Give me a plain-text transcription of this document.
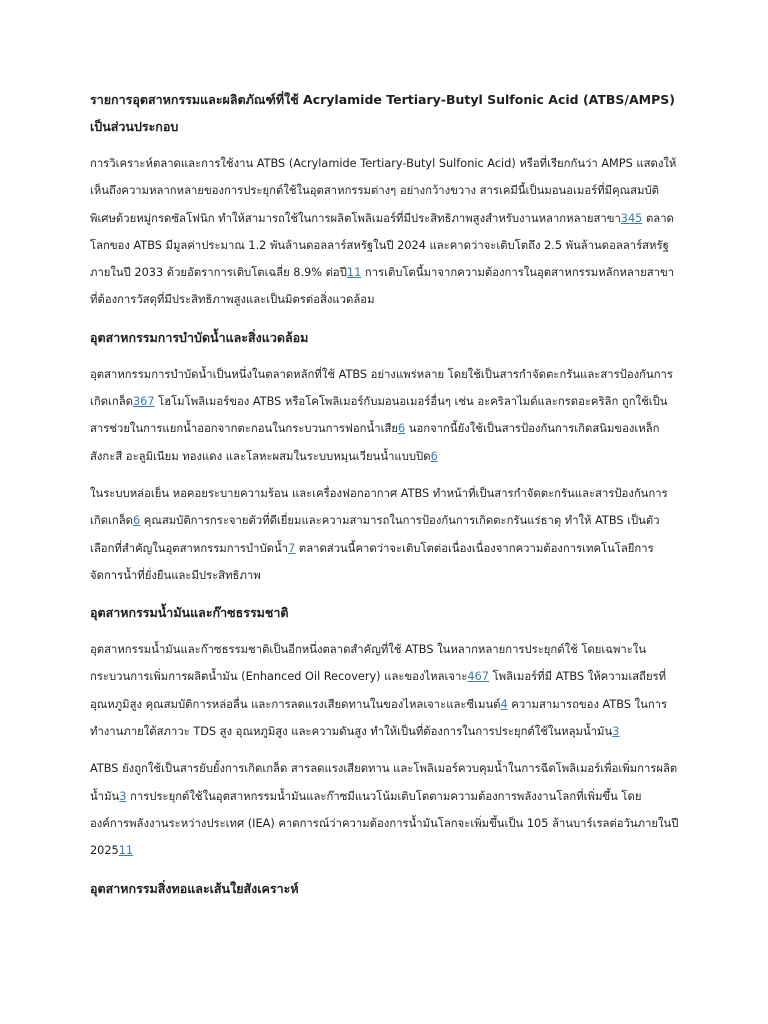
รายการอุตสาหกรรมและผลิตภัณฑ์ที่ใช้ Acrylamide Tertiary-Butyl Sulfonic Acid (ATBS/AMPS) เป็นส่วนประกอบ

การวิเคราะห์ตลาดและการใช้งาน ATBS (Acrylamide Tertiary-Butyl Sulfonic Acid) หรือที่เรียกกันว่า AMPS แสดงให้เห็นถึงความหลากหลายของการประยุกต์ใช้ในอุตสาหกรรมต่างๆ อย่างกว้างขวาง สารเคมีนี้เป็นมอนอเมอร์ที่มีคุณสมบัติพิเศษด้วยหมู่กรดซัลโฟนิก ทำให้สามารถใช้ในการผลิตโพลิเมอร์ที่มีประสิทธิภาพสูงสำหรับงานหลากหลายสาขา345 ตลาดโลกของ ATBS มีมูลค่าประมาณ 1.2 พันล้านดอลลาร์สหรัฐในปี 2024 และคาดว่าจะเติบโตถึง 2.5 พันล้านดอลลาร์สหรัฐภายในปี 2033 ด้วยอัตราการเติบโตเฉลี่ย 8.9% ต่อปี11 การเติบโตนี้มาจากความต้องการในอุตสาหกรรมหลักหลายสาขาที่ต้องการวัสดุที่มีประสิทธิภาพสูงและเป็นมิตรต่อสิ่งแวดล้อม

อุตสาหกรรมการบำบัดน้ำและสิ่งแวดล้อม

อุตสาหกรรมการบำบัดน้ำเป็นหนึ่งในตลาดหลักที่ใช้ ATBS อย่างแพร่หลาย โดยใช้เป็นสารกำจัดตะกรันและสารป้องกันการเกิดเกล็ด367 โฮโมโพลิเมอร์ของ ATBS หรือโคโพลิเมอร์กับมอนอเมอร์อื่นๆ เช่น อะคริลาไมด์และกรดอะคริลิก ถูกใช้เป็นสารช่วยในการแยกน้ำออกจากตะกอนในกระบวนการฟอกน้ำเสีย6 นอกจากนี้ยังใช้เป็นสารป้องกันการเกิดสนิมของเหล็ก สังกะสี อะลูมิเนียม ทองแดง และโลหะผสมในระบบหมุนเวียนน้ำแบบปิด6

ในระบบหล่อเย็น หอคอยระบายความร้อน และเครื่องฟอกอากาศ ATBS ทำหน้าที่เป็นสารกำจัดตะกรันและสารป้องกันการเกิดเกล็ด6 คุณสมบัติการกระจายตัวที่ดีเยี่ยมและความสามารถในการป้องกันการเกิดตะกรันแร่ธาตุ ทำให้ ATBS เป็นตัวเลือกที่สำคัญในอุตสาหกรรมการบำบัดน้ำ7 ตลาดส่วนนี้คาดว่าจะเติบโตต่อเนื่องเนื่องจากความต้องการเทคโนโลยีการจัดการน้ำที่ยั่งยืนและมีประสิทธิภาพ

อุตสาหกรรมน้ำมันและก๊าซธรรมชาติ

อุตสาหกรรมน้ำมันและก๊าซธรรมชาติเป็นอีกหนึ่งตลาดสำคัญที่ใช้ ATBS ในหลากหลายการประยุกต์ใช้ โดยเฉพาะในกระบวนการเพิ่มการผลิตน้ำมัน (Enhanced Oil Recovery) และของไหลเจาะ467 โพลิเมอร์ที่มี ATBS ให้ความเสถียรที่อุณหภูมิสูง คุณสมบัติการหล่อลื่น และการลดแรงเสียดทานในของไหลเจาะและซีเมนต์4 ความสามารถของ ATBS ในการทำงานภายใต้สภาวะ TDS สูง อุณหภูมิสูง และความดันสูง ทำให้เป็นที่ต้องการในการประยุกต์ใช้ในหลุมน้ำมัน3

ATBS ยังถูกใช้เป็นสารยับยั้งการเกิดเกล็ด สารลดแรงเสียดทาน และโพลิเมอร์ควบคุมน้ำในการฉีดโพลิเมอร์เพื่อเพิ่มการผลิตน้ำมัน3 การประยุกต์ใช้ในอุตสาหกรรมน้ำมันและก๊าซมีแนวโน้มเติบโตตามความต้องการพลังงานโลกที่เพิ่มขึ้น โดยองค์การพลังงานระหว่างประเทศ (IEA) คาดการณ์ว่าความต้องการน้ำมันโลกจะเพิ่มขึ้นเป็น 105 ล้านบาร์เรลต่อวันภายในปี 202511

อุตสาหกรรมสิ่งทอและเส้นใยสังเคราะห์
